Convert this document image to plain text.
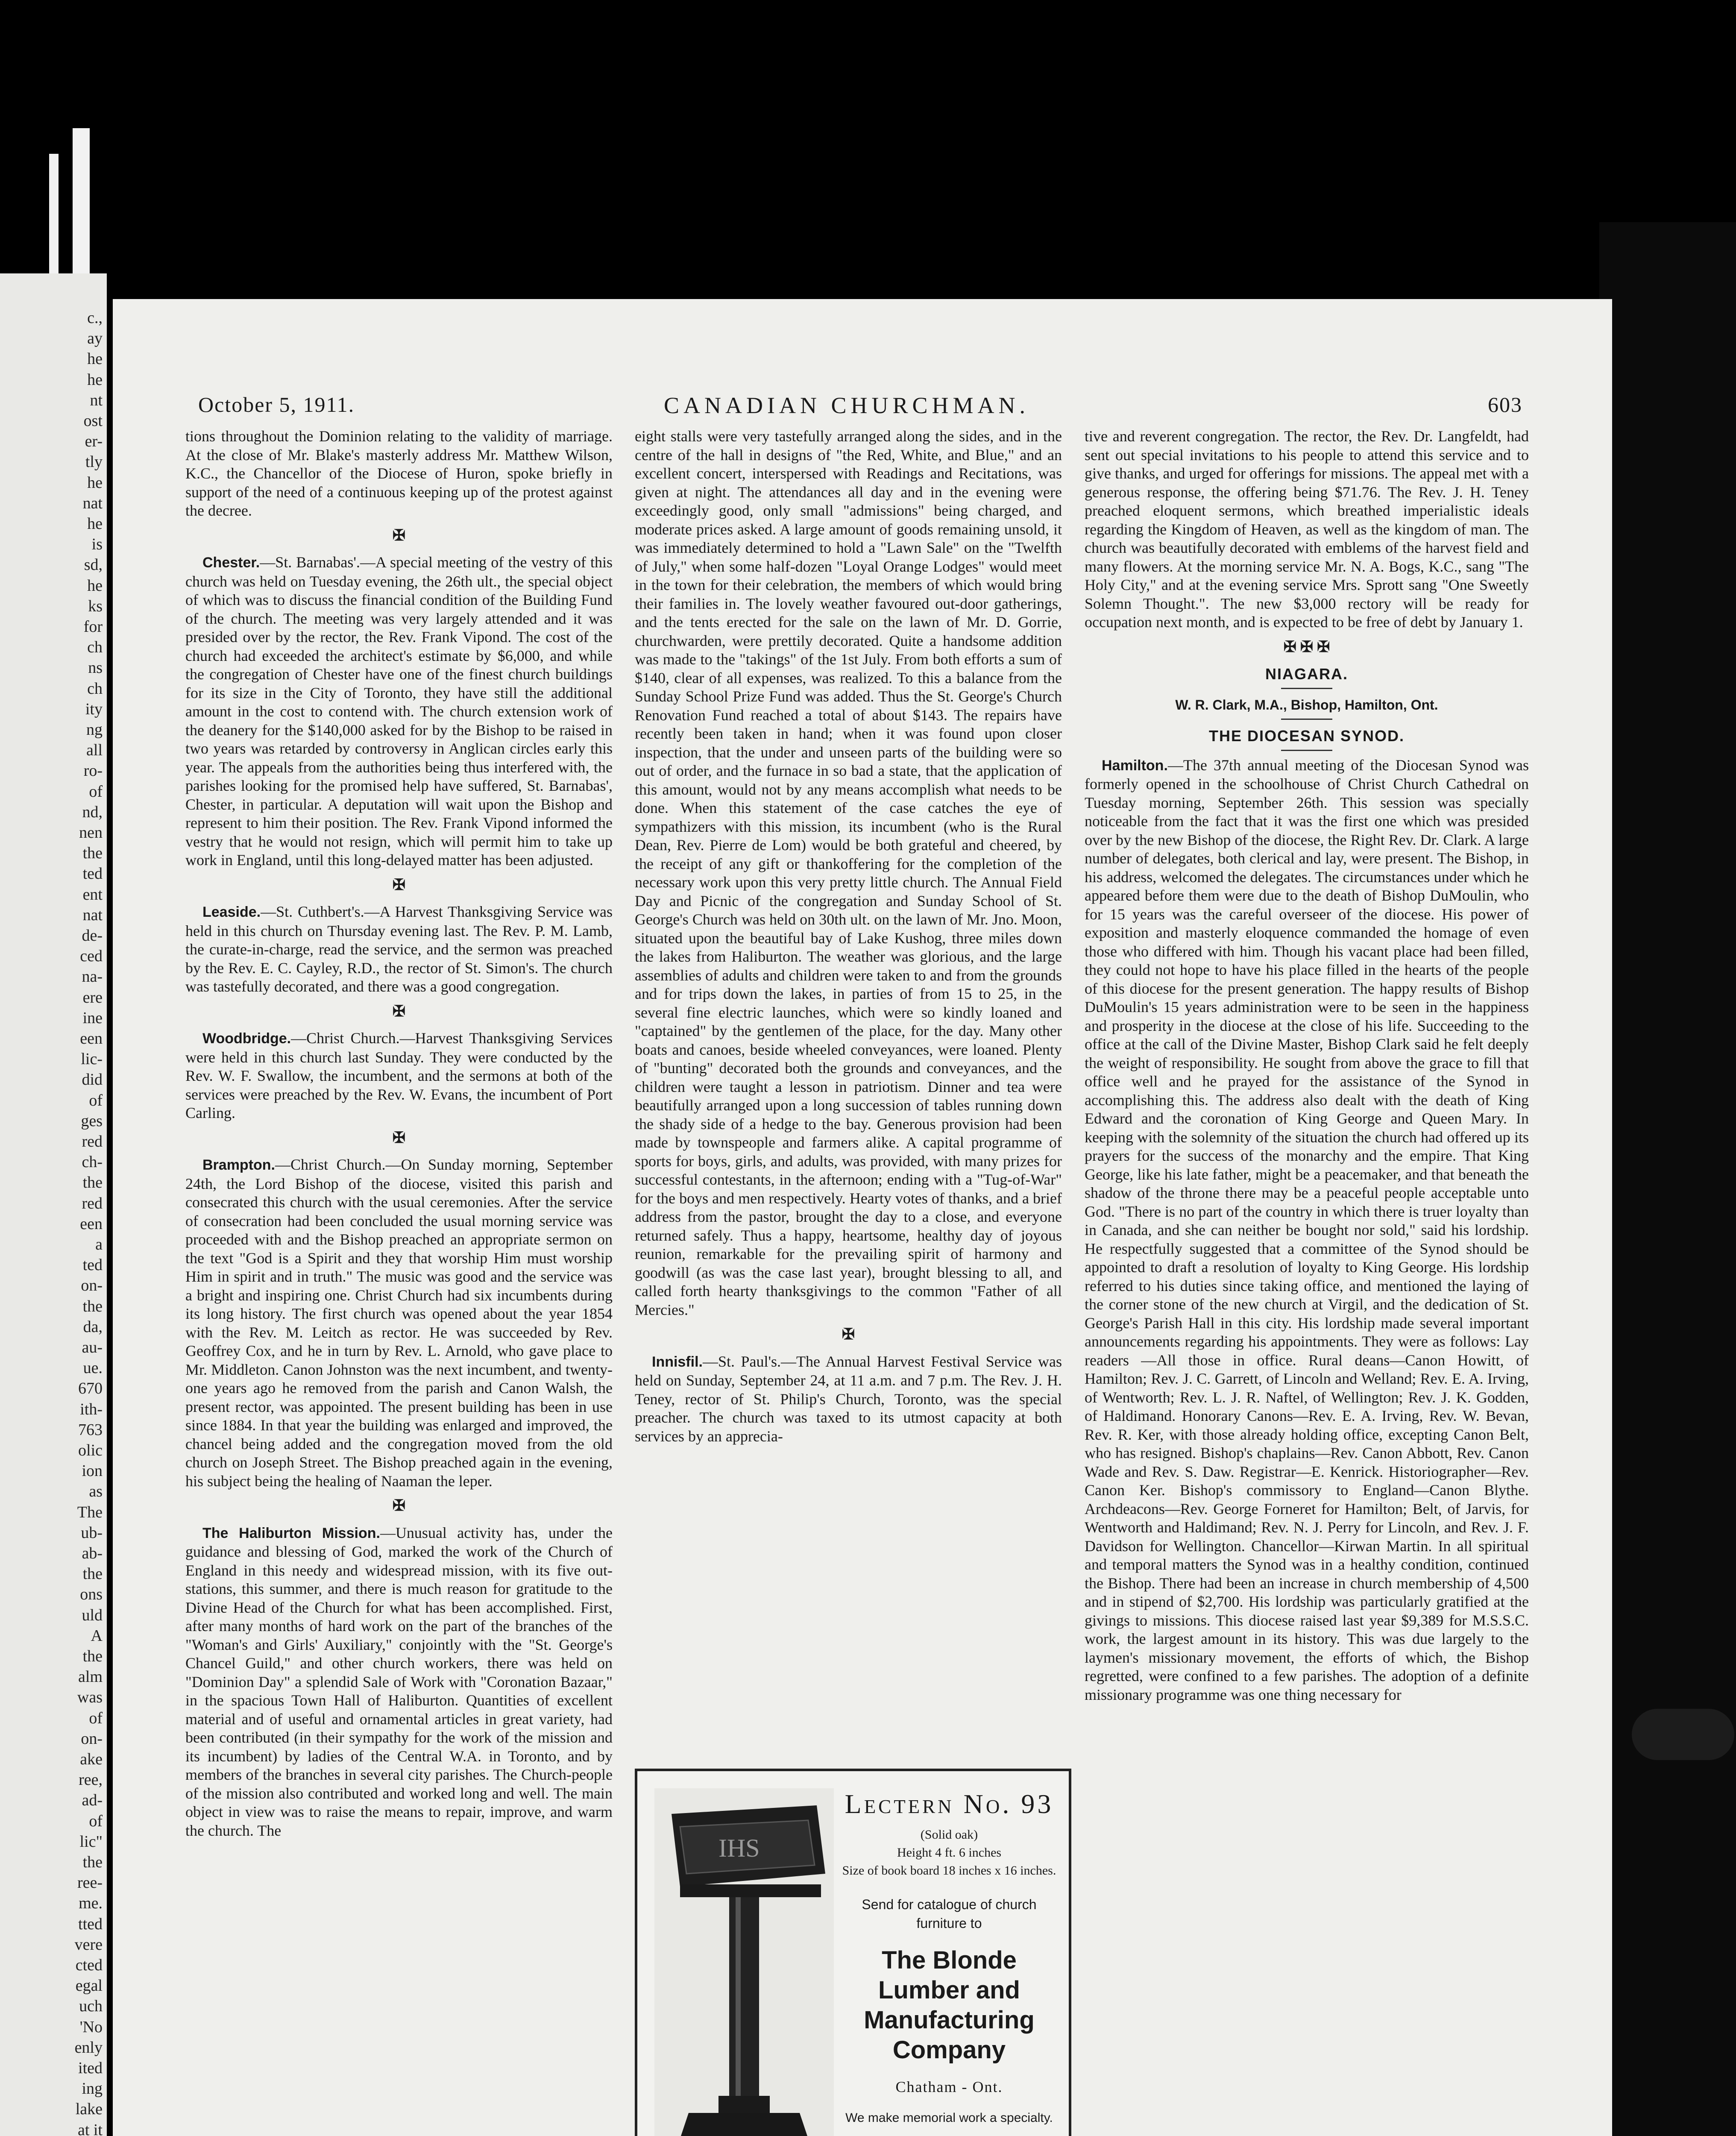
c.,
ay
he
he
nt
ost
er-
tly
he
nat
he
is
sd,
he
ks
for
ch
ns
ch
ity
ng
all
ro-
of
nd,
nen
the
ted
ent
nat
de-
ced
na-
ere
ine
een
lic-
did
of
ges
red
ch-
the
red
een
a
ted
on-
the
da,
au-
ue.
670
ith-
763
olic
ion
as
The
ub-
ab-
the
ons
uld
A
the
alm
was
of
on-
ake
ree,
ad-
of
lic"
the
ree-
me.
tted
vere
cted
egal
uch
'No
enly
ited
ing
lake
at it
October 5, 1911.	CANADIAN CHURCHMAN.	603

tions throughout the Dominion relating to the validity of marriage. At the close of Mr. Blake's masterly address Mr. Matthew Wilson, K.C., the Chancellor of the Diocese of Huron, spoke briefly in support of the need of a continuous keeping up of the protest against the decree.

✠

Chester.—St. Barnabas'.—A special meeting of the vestry of this church was held on Tuesday evening, the 26th ult., the special object of which was to discuss the financial condition of the Building Fund of the church. The meeting was very largely attended and it was presided over by the rector, the Rev. Frank Vipond. The cost of the church had exceeded the architect's estimate by $6,000, and while the congregation of Chester have one of the finest church buildings for its size in the City of Toronto, they have still the additional amount in the cost to contend with. The church extension work of the deanery for the $140,000 asked for by the Bishop to be raised in two years was retarded by controversy in Anglican circles early this year. The appeals from the authorities being thus interfered with, the parishes looking for the promised help have suffered, St. Barnabas', Chester, in particular. A deputation will wait upon the Bishop and represent to him their position. The Rev. Frank Vipond informed the vestry that he would not resign, which will permit him to take up work in England, until this long-delayed matter has been adjusted.

✠

Leaside.—St. Cuthbert's.—A Harvest Thanksgiving Service was held in this church on Thursday evening last. The Rev. P. M. Lamb, the curate-in-charge, read the service, and the sermon was preached by the Rev. E. C. Cayley, R.D., the rector of St. Simon's. The church was tastefully decorated, and there was a good congregation.

✠

Woodbridge.—Christ Church.—Harvest Thanksgiving Services were held in this church last Sunday. They were conducted by the Rev. W. F. Swallow, the incumbent, and the sermons at both of the services were preached by the Rev. W. Evans, the incumbent of Port Carling.

✠

Brampton.—Christ Church.—On Sunday morning, September 24th, the Lord Bishop of the diocese, visited this parish and consecrated this church with the usual ceremonies. After the service of consecration had been concluded the usual morning service was proceeded with and the Bishop preached an appropriate sermon on the text "God is a Spirit and they that worship Him must worship Him in spirit and in truth." The music was good and the service was a bright and inspiring one. Christ Church had six incumbents during its long history. The first church was opened about the year 1854 with the Rev. M. Leitch as rector. He was succeeded by Rev. Geoffrey Cox, and he in turn by Rev. L. Arnold, who gave place to Mr. Middleton. Canon Johnston was the next incumbent, and twenty-one years ago he removed from the parish and Canon Walsh, the present rector, was appointed. The present building has been in use since 1884. In that year the building was enlarged and improved, the chancel being added and the congregation moved from the old church on Joseph Street. The Bishop preached again in the evening, his subject being the healing of Naaman the leper.

✠

The Haliburton Mission.—Unusual activity has, under the guidance and blessing of God, marked the work of the Church of England in this needy and widespread mission, with its five out-stations, this summer, and there is much reason for gratitude to the Divine Head of the Church for what has been accomplished. First, after many months of hard work on the part of the branches of the "Woman's and Girls' Auxiliary," conjointly with the "St. George's Chancel Guild," and other church workers, there was held on "Dominion Day" a splendid Sale of Work with "Coronation Bazaar," in the spacious Town Hall of Haliburton. Quantities of excellent material and of useful and ornamental articles in great variety, had been contributed (in their sympathy for the work of the mission and its incumbent) by ladies of the Central W.A. in Toronto, and by members of the branches in several city parishes. The Church-people of the mission also contributed and worked long and well. The main object in view was to raise the means to repair, improve, and warm the church. The

eight stalls were very tastefully arranged along the sides, and in the centre of the hall in designs of "the Red, White, and Blue," and an excellent concert, interspersed with Readings and Recitations, was given at night. The attendances all day and in the evening were exceedingly good, only small "admissions" being charged, and moderate prices asked. A large amount of goods remaining unsold, it was immediately determined to hold a "Lawn Sale" on the "Twelfth of July," when some half-dozen "Loyal Orange Lodges" would meet in the town for their celebration, the members of which would bring their families in. The lovely weather favoured out-door gatherings, and the tents erected for the sale on the lawn of Mr. D. Gorrie, churchwarden, were prettily decorated. Quite a handsome addition was made to the "takings" of the 1st July. From both efforts a sum of $140, clear of all expenses, was realized. To this a balance from the Sunday School Prize Fund was added. Thus the St. George's Church Renovation Fund reached a total of about $143. The repairs have recently been taken in hand; when it was found upon closer inspection, that the under and unseen parts of the building were so out of order, and the furnace in so bad a state, that the application of this amount, would not by any means accomplish what needs to be done. When this statement of the case catches the eye of sympathizers with this mission, its incumbent (who is the Rural Dean, Rev. Pierre de Lom) would be both grateful and cheered, by the receipt of any gift or thankoffering for the completion of the necessary work upon this very pretty little church. The Annual Field Day and Picnic of the congregation and Sunday School of St. George's Church was held on 30th ult. on the lawn of Mr. Jno. Moon, situated upon the beautiful bay of Lake Kushog, three miles down the lakes from Haliburton. The weather was glorious, and the large assemblies of adults and children were taken to and from the grounds and for trips down the lakes, in parties of from 15 to 25, in the several fine electric launches, which were so kindly loaned and "captained" by the gentlemen of the place, for the day. Many other boats and canoes, beside wheeled conveyances, were loaned. Plenty of "bunting" decorated both the grounds and conveyances, and the children were taught a lesson in patriotism. Dinner and tea were beautifully arranged upon a long succession of tables running down the shady side of a hedge to the bay. Generous provision had been made by townspeople and farmers alike. A capital programme of sports for boys, girls, and adults, was provided, with many prizes for successful contestants, in the afternoon; ending with a "Tug-of-War" for the boys and men respectively. Hearty votes of thanks, and a brief address from the pastor, brought the day to a close, and everyone returned safely. Thus a happy, heartsome, healthy day of joyous reunion, remarkable for the prevailing spirit of harmony and goodwill (as was the case last year), brought blessing to all, and called forth hearty thanksgivings to the common "Father of all Mercies."

✠

Innisfil.—St. Paul's.—The Annual Harvest Festival Service was held on Sunday, September 24, at 11 a.m. and 7 p.m. The Rev. J. H. Teney, rector of St. Philip's Church, Toronto, was the special preacher. The church was taxed to its utmost capacity at both services by an apprecia-

tive and reverent congregation. The rector, the Rev. Dr. Langfeldt, had sent out special invitations to his people to attend this service and to give thanks, and urged for offerings for missions. The appeal met with a generous response, the offering being $71.76. The Rev. J. H. Teney preached eloquent sermons, which breathed imperialistic ideals regarding the Kingdom of Heaven, as well as the kingdom of man. The church was beautifully decorated with emblems of the harvest field and many flowers. At the morning service Mr. N. A. Bogs, K.C., sang "The Holy City," and at the evening service Mrs. Sprott sang "One Sweetly Solemn Thought.". The new $3,000 rectory will be ready for occupation next month, and is expected to be free of debt by January 1.

✠ ✠ ✠
NIAGARA.
W. R. Clark, M.A., Bishop, Hamilton, Ont.
THE DIOCESAN SYNOD.

Hamilton.—The 37th annual meeting of the Diocesan Synod was formerly opened in the schoolhouse of Christ Church Cathedral on Tuesday morning, September 26th. This session was specially noticeable from the fact that it was the first one which was presided over by the new Bishop of the diocese, the Right Rev. Dr. Clark. A large number of delegates, both clerical and lay, were present. The Bishop, in his address, welcomed the delegates. The circumstances under which he appeared before them were due to the death of Bishop DuMoulin, who for 15 years was the careful overseer of the diocese. His power of exposition and masterly eloquence commanded the homage of even those who differed with him. Though his vacant place had been filled, they could not hope to have his place filled in the hearts of the people of this diocese for the present generation. The happy results of Bishop DuMoulin's 15 years administration were to be seen in the happiness and prosperity in the diocese at the close of his life. Succeeding to the office at the call of the Divine Master, Bishop Clark said he felt deeply the weight of responsibility. He sought from above the grace to fill that office well and he prayed for the assistance of the Synod in accomplishing this. The address also dealt with the death of King Edward and the coronation of King George and Queen Mary. In keeping with the solemnity of the situation the church had offered up its prayers for the success of the monarchy and the empire. That King George, like his late father, might be a peacemaker, and that beneath the shadow of the throne there may be a peaceful people acceptable unto God. "There is no part of the country in which there is truer loyalty than in Canada, and she can neither be bought nor sold," said his lordship. He respectfully suggested that a committee of the Synod should be appointed to draft a resolution of loyalty to King George. His lordship referred to his duties since taking office, and mentioned the laying of the corner stone of the new church at Virgil, and the dedication of St. George's Parish Hall in this city. His lordship made several important announcements regarding his appointments. They were as follows: Lay readers —All those in office. Rural deans—Canon Howitt, of Hamilton; Rev. J. C. Garrett, of Lincoln and Welland; Rev. E. A. Irving, of Wentworth; Rev. L. J. R. Naftel, of Wellington; Rev. J. K. Godden, of Haldimand. Honorary Canons—Rev. E. A. Irving, Rev. W. Bevan, Rev. R. Ker, with those already holding office, excepting Canon Belt, who has resigned. Bishop's chaplains—Rev. Canon Abbott, Rev. Canon Wade and Rev. S. Daw. Registrar—E. Kenrick. Historiographer—Rev. Canon Ker. Bishop's commissory to England—Canon Blythe. Archdeacons—Rev. George Forneret for Hamilton; Belt, of Jarvis, for Wentworth and Haldimand; Rev. N. J. Perry for Lincoln, and Rev. J. F. Davidson for Wellington. Chancellor—Kirwan Martin. In all spiritual and temporal matters the Synod was in a healthy condition, continued the Bishop. There had been an increase in church membership of 4,500 and in stipend of $2,700. His lordship was particularly gratified at the givings to missions. This diocese raised last year $9,389 for M.S.S.C. work, the largest amount in its history. This was due largely to the laymen's missionary movement, the efforts of which, the Bishop regretted, were confined to a few parishes. The adoption of a definite missionary programme was one thing necessary for

IHS
Lectern No. 93
(Solid oak)
Height 4 ft. 6 inches
Size of book board 18 inches x 16 inches.
Send for catalogue of church furniture to
The Blonde Lumber and Manufacturing Company
Chatham - Ont.
We make memorial work a specialty.
